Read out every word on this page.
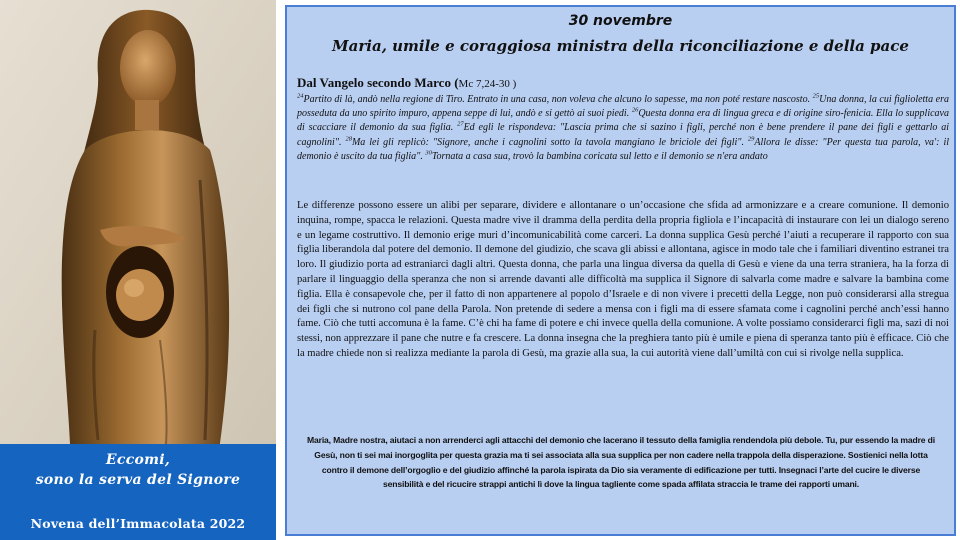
Eccomi,
sono la serva del Signore
Novena dell’Immacolata 2022
30 novembre
Maria, umile e coraggiosa ministra della riconciliazione e della pace
Dal Vangelo secondo Marco (Mc 7,24-30 )
$^{24}$Partito di là, andò nella regione di Tiro. Entrato in una casa, non voleva che alcuno lo sapesse, ma non poté restare nascosto. $^{25}$Una donna, la cui figlioletta era posseduta da uno spirito impuro, appena seppe di lui, andò e si gettò ai suoi piedi. $^{26}$Questa donna era di lingua greca e di origine siro-fenicia. Ella lo supplicava di scacciare il demonio da sua figlia. $^{27}$Ed egli le rispondeva: "Lascia prima che si sazino i figli, perché non è bene prendere il pane dei figli e gettarlo ai cagnolini". $^{28}$Ma lei gli replicò: "Signore, anche i cagnolini sotto la tavola mangiano le briciole dei figli". $^{29}$Allora le disse: "Per questa tua parola, va': il demonio è uscito da tua figlia". $^{30}$Tornata a casa sua, trovò la bambina coricata sul letto e il demonio se n'era andato
Le differenze possono essere un alibi per separare, dividere e allontanare o un’occasione che sfida ad armonizzare e a creare comunione. Il demonio inquina, rompe, spacca le relazioni. Questa madre vive il dramma della perdita della propria figliola e l’incapacità di instaurare con lei un dialogo sereno e un legame costruttivo. Il demonio erige muri d’incomunicabilità come carceri. La donna supplica Gesù perché l’aiuti a recuperare il rapporto con sua figlia liberandola dal potere del demonio. Il demone del giudizio, che scava gli abissi e allontana, agisce in modo tale che i familiari diventino estranei tra loro. Il giudizio porta ad estraniarci dagli altri. Questa donna, che parla una lingua diversa da quella di Gesù e viene da una terra straniera, ha la forza di parlare il linguaggio della speranza che non si arrende davanti alle difficoltà ma supplica il Signore di salvarla come madre e salvare la bambina come figlia. Ella è consapevole che, per il fatto di non appartenere al popolo d’Israele e di non vivere i precetti della Legge, non può considerarsi alla stregua dei figli che si nutrono col pane della Parola. Non pretende di sedere a mensa con i figli ma di essere sfamata come i cagnolini perché anch’essi hanno fame. Ciò che tutti accomuna è la fame. C’è chi ha fame di potere e chi invece quella della comunione. A volte possiamo considerarci figli ma, sazi di noi stessi, non apprezzare il pane che nutre e fa crescere. La donna insegna che la preghiera tanto più è umile e piena di speranza tanto più è efficace. Ciò che la madre chiede non si realizza mediante la parola di Gesù, ma grazie alla sua, la cui autorità viene dall’umiltà con cui si rivolge nella supplica.
Maria, Madre nostra, aiutaci a non arrenderci agli attacchi del demonio che lacerano il tessuto della famiglia rendendola più debole. Tu, pur essendo la madre di Gesù, non ti sei mai inorgoglita per questa grazia ma ti sei associata alla sua supplica per non cadere nella trappola della disperazione. Sostienici nella lotta contro il demone dell’orgoglio e del giudizio affinché la parola ispirata da Dio sia veramente di edificazione per tutti. Insegnaci l’arte del cucire le diverse sensibilità e del ricucire strappi antichi lì dove la lingua tagliente come spada affilata straccia le trame dei rapporti umani.
